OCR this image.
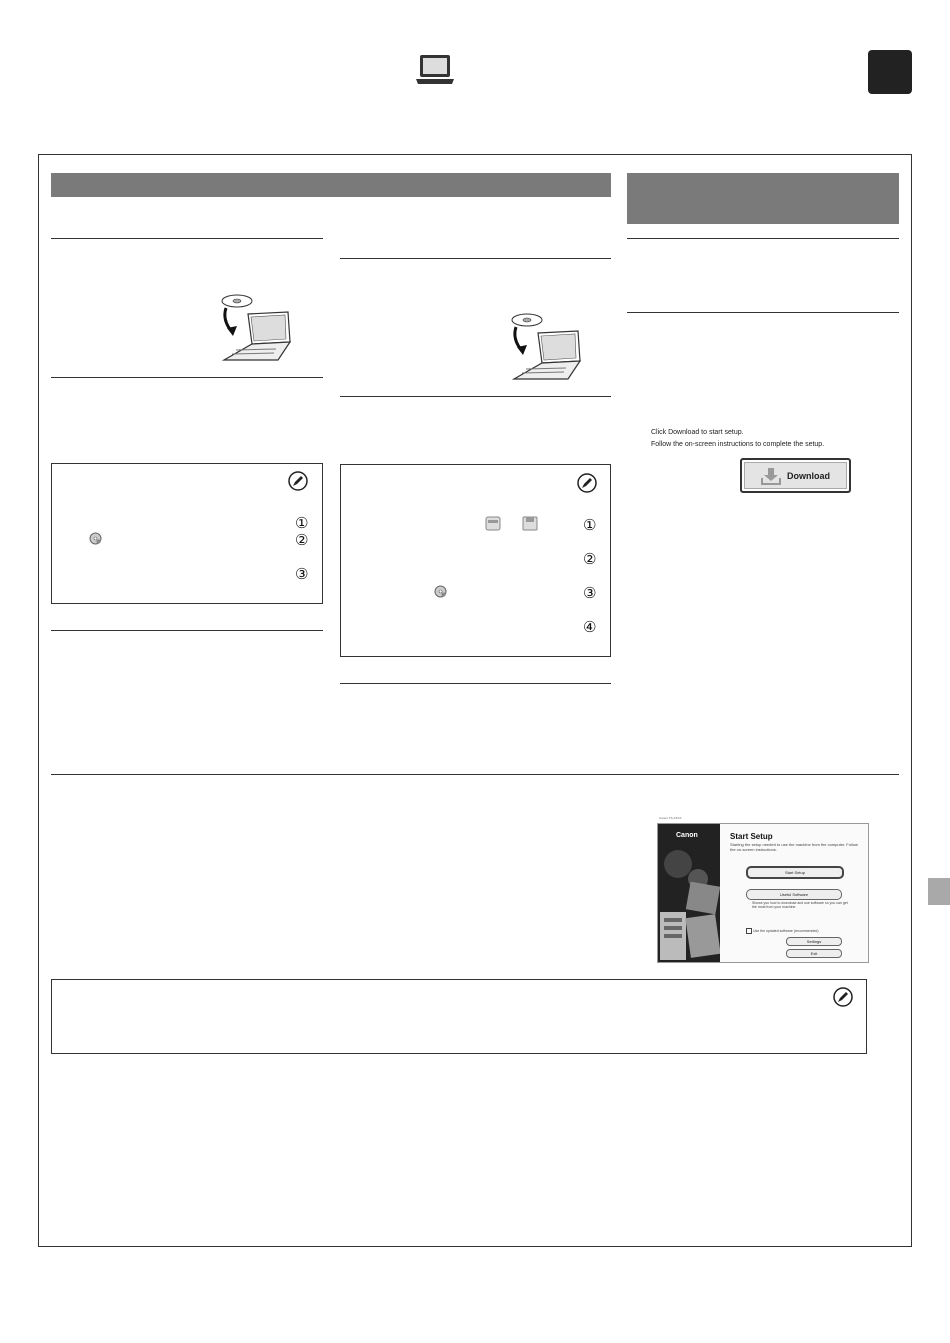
①
②
③
①
②
③
④
Click Download to start setup.
Follow the on-screen instructions to complete the setup.
Download
Canon TS-XXXX
Canon	Start Setup
Starting the setup needed to use the machine from the computer. Follow the on-screen instructions.
Start Setup
Useful Software
Shows you how to download and use software so you can get the most from your machine.
Use the updated software (recommended)
Settings
Exit
